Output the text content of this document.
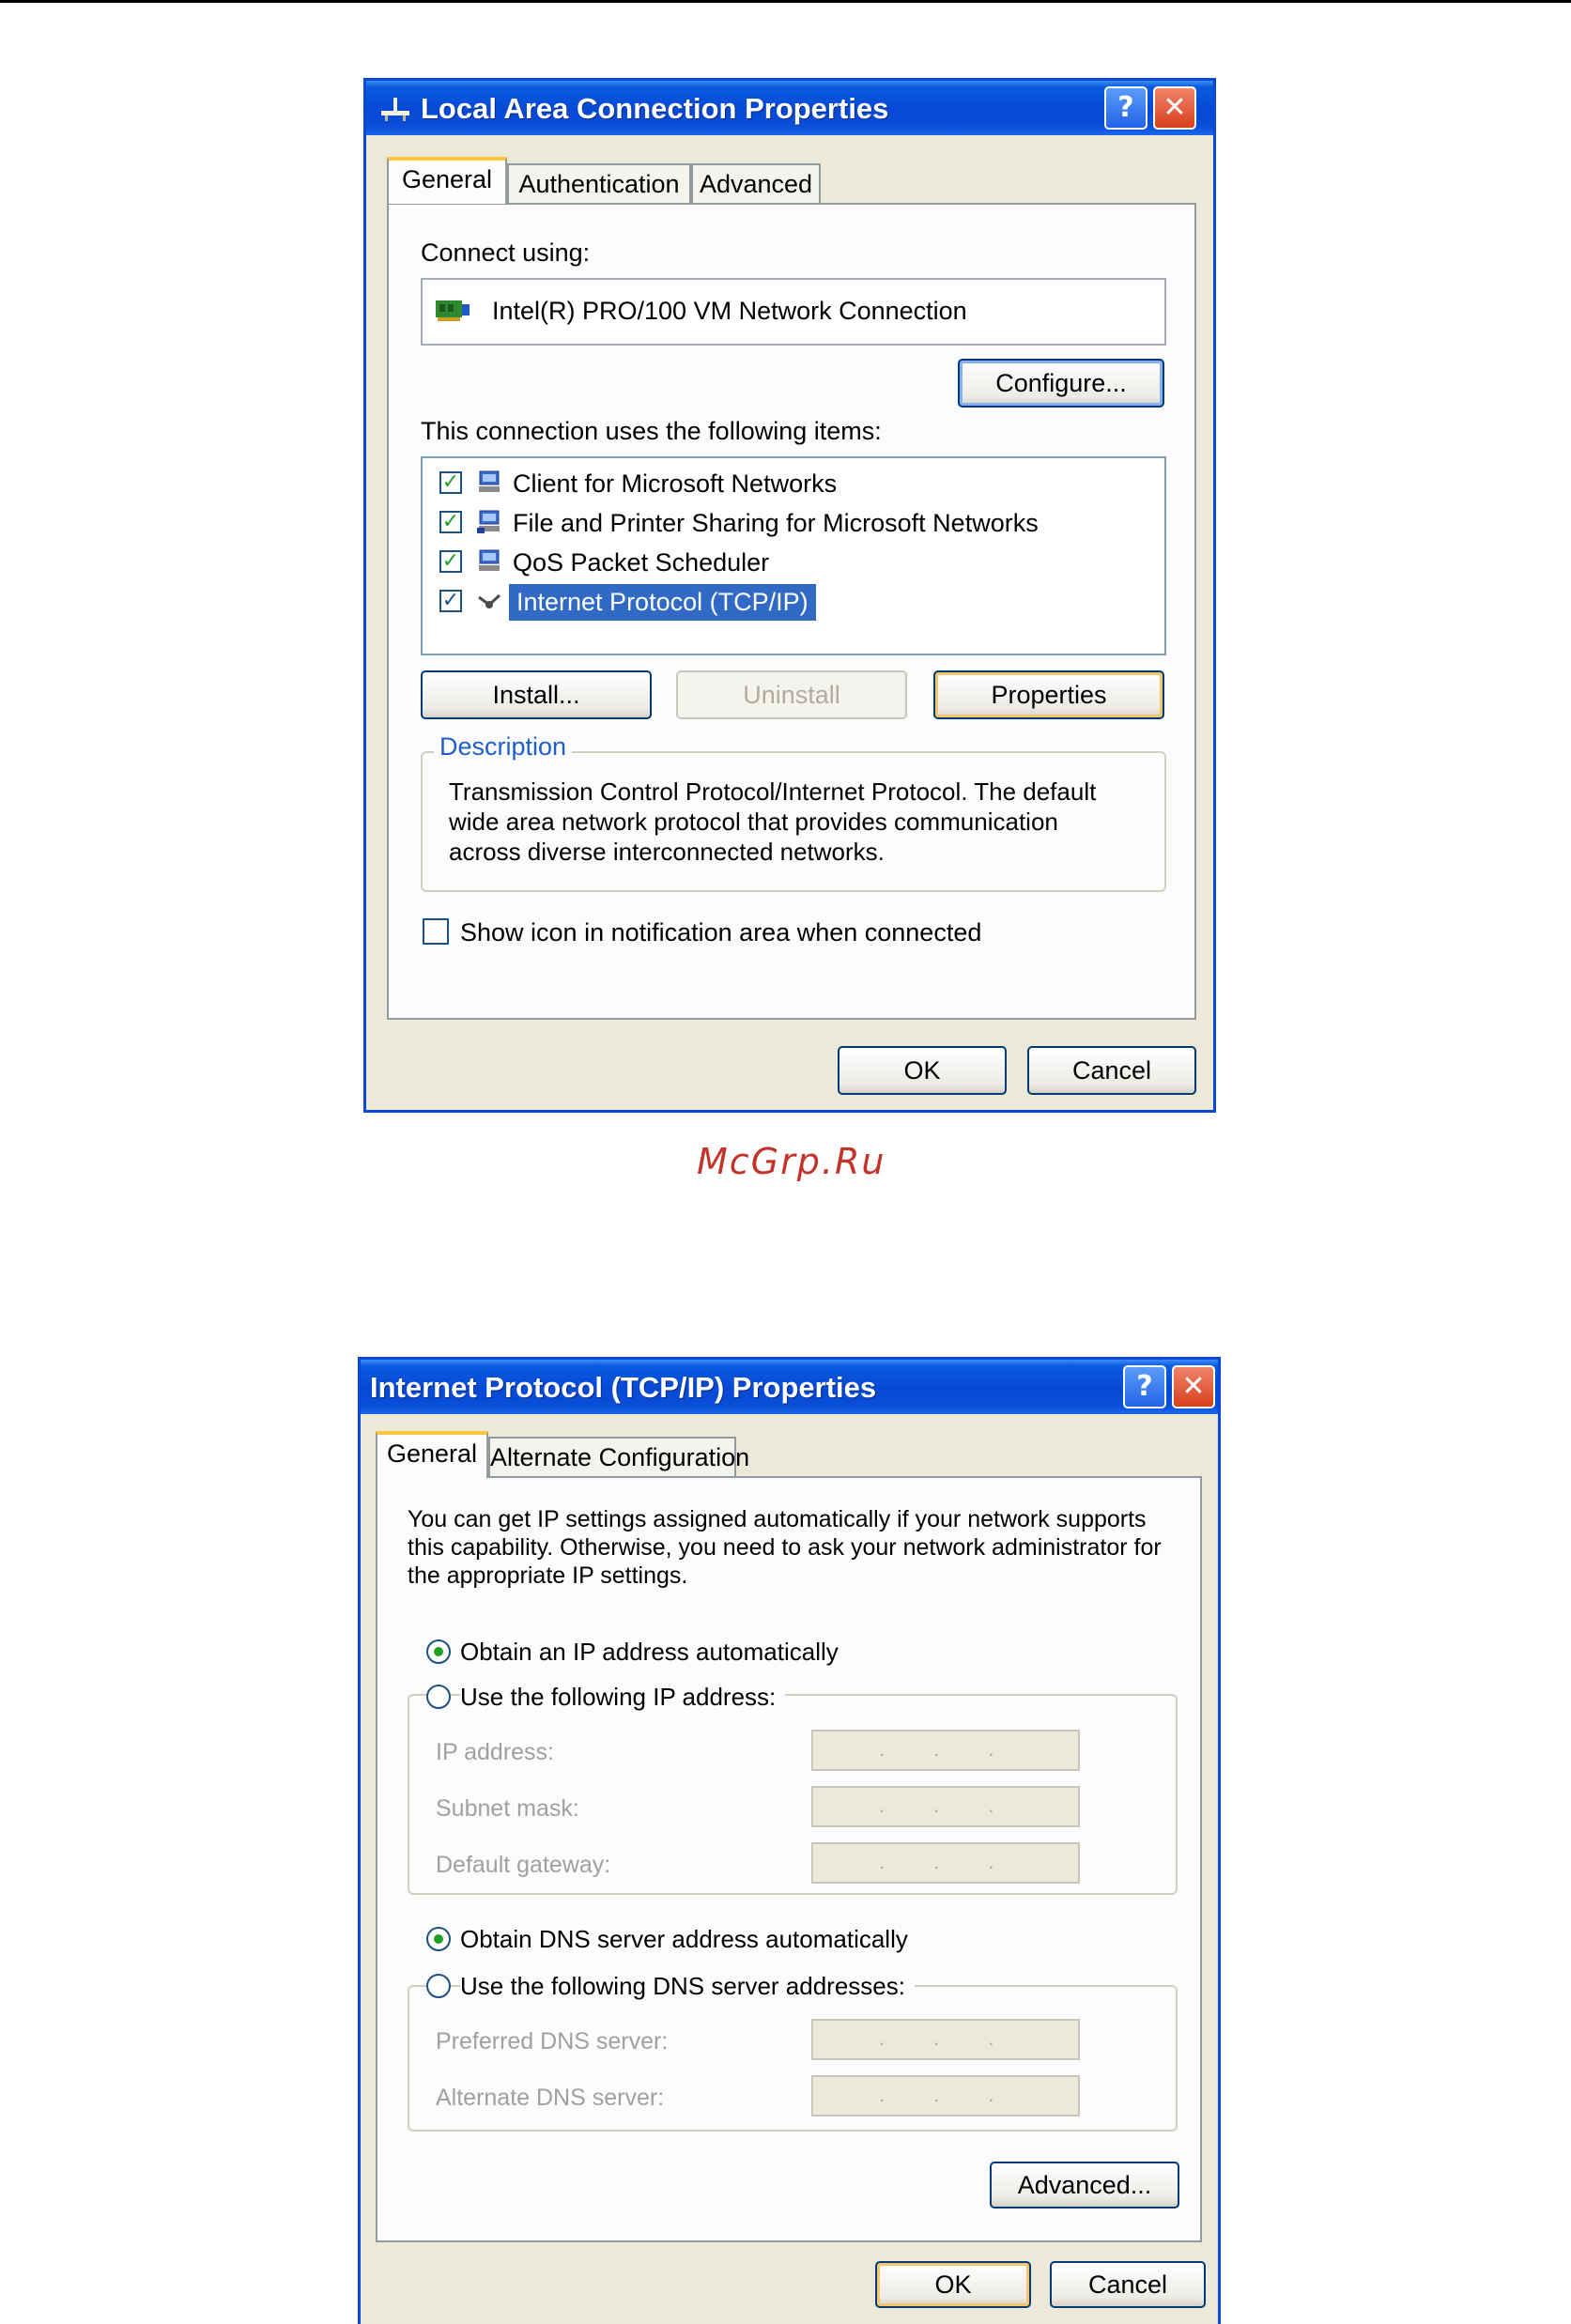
Local Area Connection Properties	?	✕
General	Authentication Advanced
Connect using:
Intel(R) PRO/100 VM Network Connection
Configure...
This connection uses the following items:
✓ Client for Microsoft Networks
✓ File and Printer Sharing for Microsoft Networks
✓ QoS Packet Scheduler
✓ Internet Protocol (TCP/IP)
Install...	Uninstall	Properties
Description
Transmission Control Protocol/Internet Protocol. The default
wide area network protocol that provides communication
across diverse interconnected networks.
Show icon in notification area when connected
OK	Cancel
McGrp.Ru
Internet Protocol (TCP/IP) Properties	?	✕
General Alternate Configuration
You can get IP settings assigned automatically if your network supports
this capability. Otherwise, you need to ask your network administrator for
the appropriate IP settings.
Obtain an IP address automatically
Use the following IP address:
IP address:	...
Subnet mask:	...
Default gateway:	...
Obtain DNS server address automatically
Use the following DNS server addresses:
Preferred DNS server:	...
Alternate DNS server:	...
Advanced...
OK	Cancel
